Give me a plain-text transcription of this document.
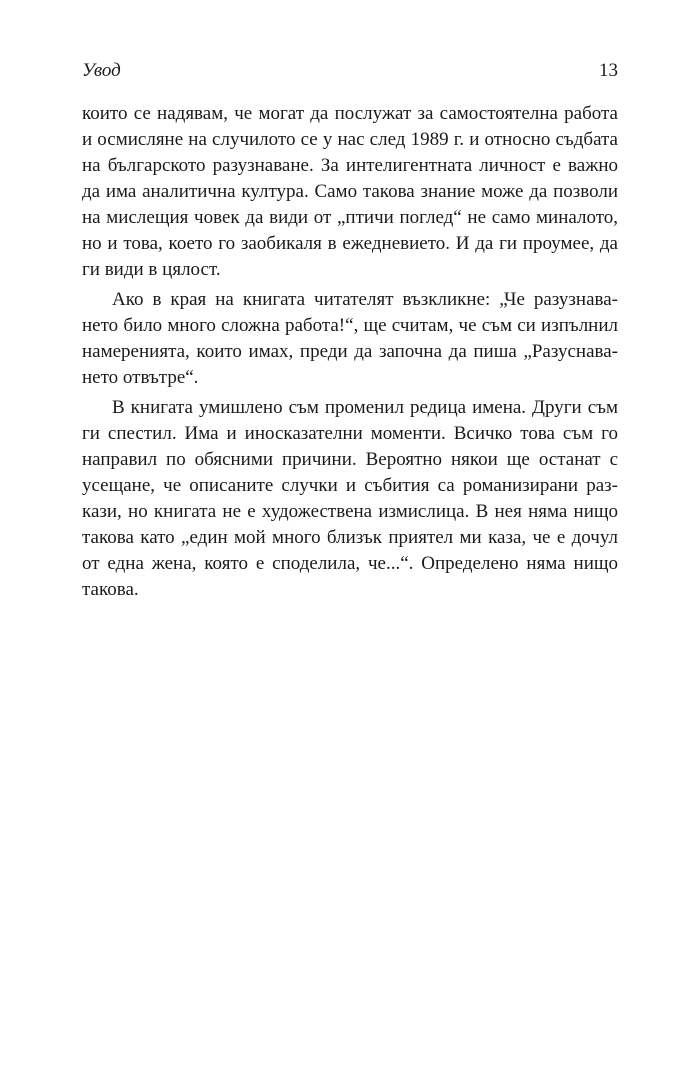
Увод	13
които се надявам, че могат да послужат за самостоятелна работа
и осмисляне на случилото се у нас след 1989 г. и относно съдбата
на българското разузнаване. За интелигентната личност е важно
да има аналитична култура. Само такова знание може да позволи
на мислещия човек да види от „птичи поглед“ не само миналото,
но и това, което го заобикаля в ежедневието. И да ги проумее, да
ги види в цялост.
Ако в края на книгата читателят възкликне: „Че разузнава-
нето било много сложна работа!“, ще считам, че съм си изпълнил
намеренията, които имах, преди да започна да пиша „Разуснава-
нето отвътре“.
В книгата умишлено съм променил редица имена. Други съм
ги спестил. Има и иносказателни моменти. Всичко това съм го
направил по обясними причини. Вероятно някои ще останат с
усещане, че описаните случки и събития са романизирани раз-
кази, но книгата не е художествена измислица. В нея няма нищо
такова като „един мой много близък приятел ми каза, че е дочул
от една жена, която е споделила, че...“. Определено няма нищо
такова.
